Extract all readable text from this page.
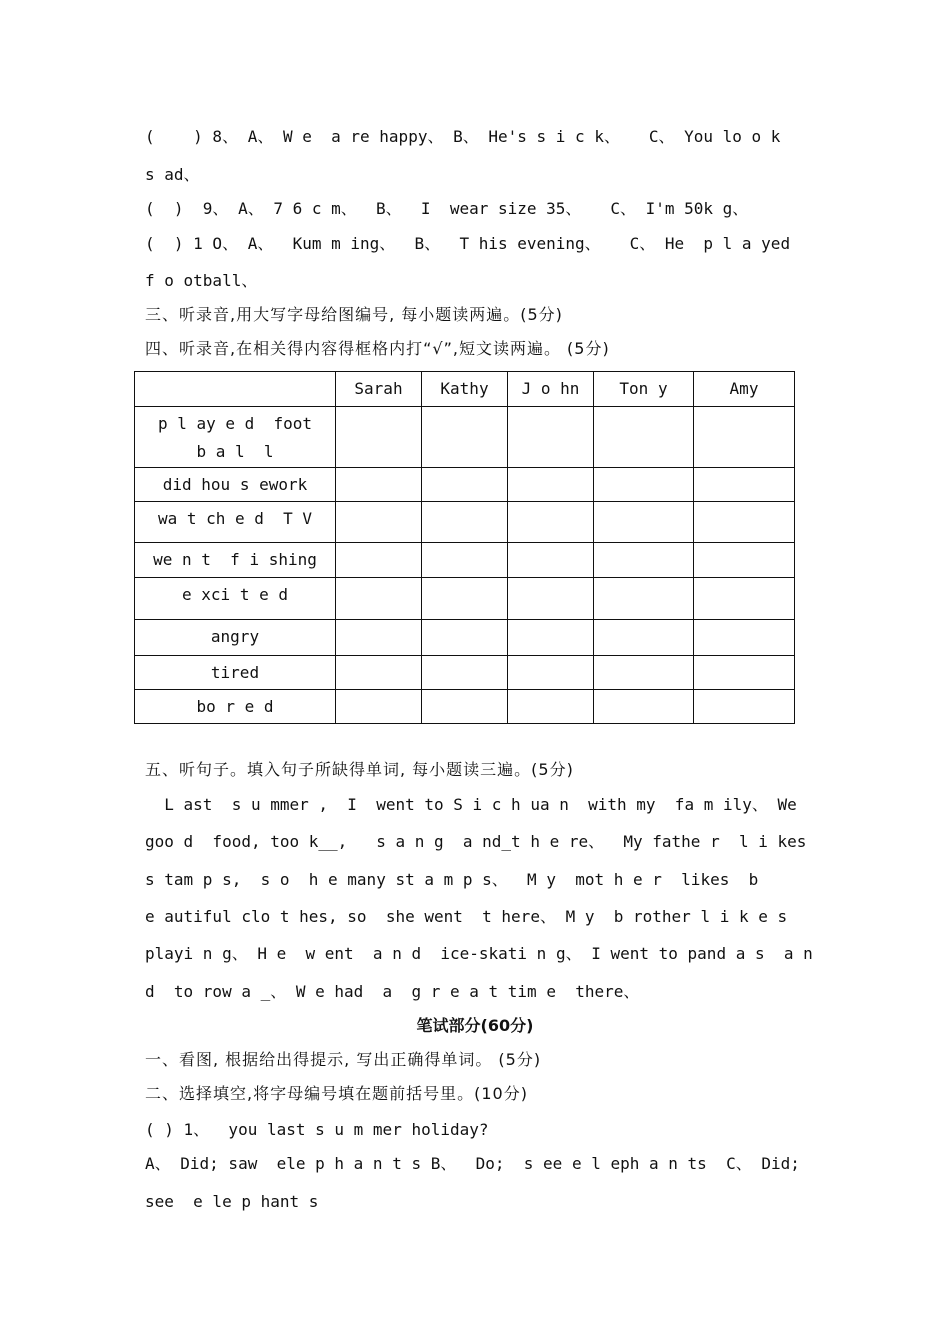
(    ) 8、 A、 W e  a re happy、 B、 He's s i c k、   C、 You lo o k
s ad、
(  )  9、 A、 7 6 c m、  B、  I  wear size 35、   C、 I'm 50k g、
(  ) 1 O、 A、  Kum m ing、  B、  T his evening、   C、 He  p l a yed
f o otball、
三、听录音,用大写字母给图编号, 每小题读两遍。(5分)
四、听录音,在相关得内容得框格内打“√”,短文读两遍。 (5分)
	Sarah	Kathy	J o hn	Ton y	Amy
p l ay e d  foot
b a l  l					
did hou s ework					
wa t ch e d  T V					
we n t  f i shing					
e xci t e d					
angry					
tired					
bo r e d					
五、听句子。填入句子所缺得单词, 每小题读三遍。(5分)
L ast  s u mmer ,  I  went to S i c h ua n  with my  fa m ily、 We
goo d  food, too k__,   s a n g  a nd_t h e re、  My fathe r  l i kes
s tam p s,  s o  h e many st a m p s、  M y  mot h e r  likes  b
e autiful clo t hes, so  she went  t here、 M y  b rother l i k e s
playi n g、 H e  w ent  a n d  ice-skati n g、 I went to pand a s  a n
d  to row a _、 W e had  a  g r e a t tim e  there、
笔试部分(60分)
一、看图, 根据给出得提示, 写出正确得单词。 (5分)
二、选择填空,将字母编号填在题前括号里。(10分)
( ) 1、  you last s u m mer holiday?
A、 Did; saw  ele p h a n t s B、  Do;  s ee e l eph a n ts  C、 Did;
see  e le p hant s
